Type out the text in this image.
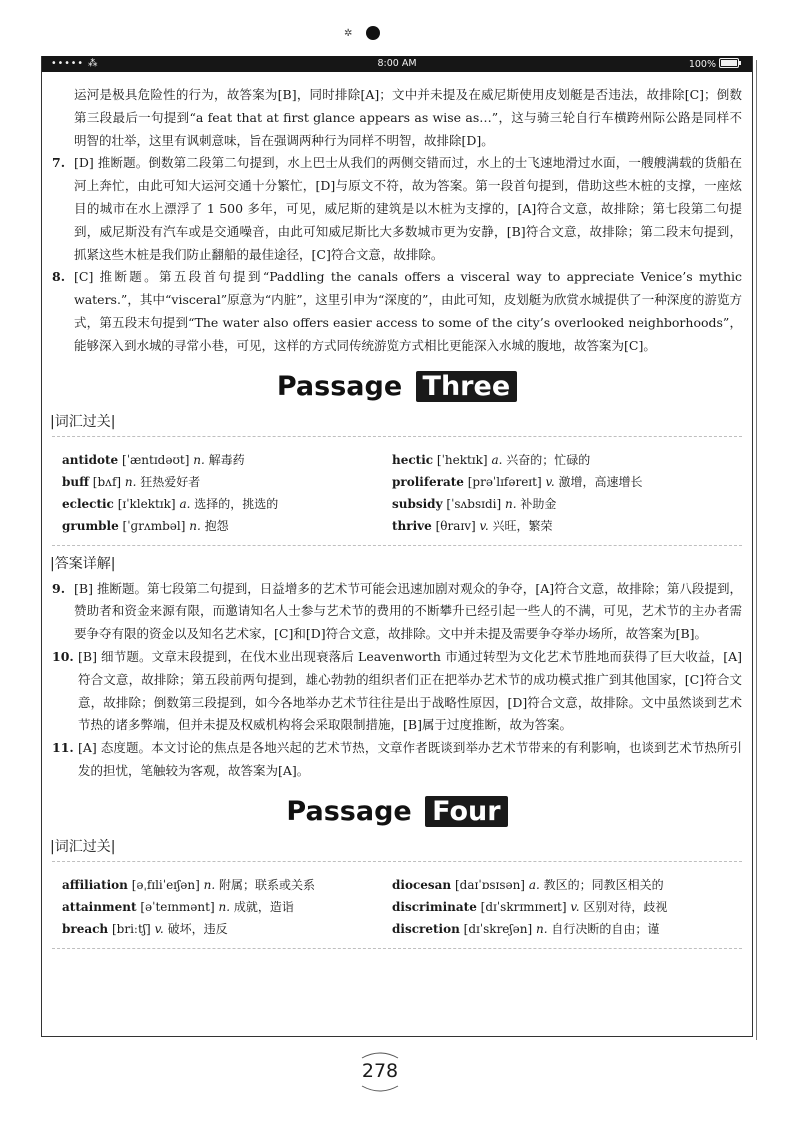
✲
••••• ⁂	8:00 AM	100%

运河是极具危险性的行为，故答案为[B]，同时排除[A]；文中并未提及在威尼斯使用皮划艇是否违法，故排除[C]；倒数第三段最后一句提到“a feat that at first glance appears as wise as…”，这与骑三轮自行车横跨州际公路是同样不明智的壮举，这里有讽刺意味，旨在强调两种行为同样不明智，故排除[D]。

7. [D] 推断题。倒数第二段第二句提到，水上巴士从我们的两侧交错而过，水上的士飞速地滑过水面，一艘艘满载的货船在河上奔忙，由此可知大运河交通十分繁忙，[D]与原文不符，故为答案。第一段首句提到，借助这些木桩的支撑，一座炫目的城市在水上漂浮了 1 500 多年，可见，威尼斯的建筑是以木桩为支撑的，[A]符合文意，故排除；第七段第二句提到，威尼斯没有汽车或是交通噪音，由此可知威尼斯比大多数城市更为安静，[B]符合文意，故排除；第二段末句提到，抓紧这些木桩是我们防止翻船的最佳途径，[C]符合文意，故排除。

8. [C] 推断题。第五段首句提到“Paddling the canals offers a visceral way to appreciate Venice’s mythic waters.”，其中“visceral”原意为“内脏”，这里引申为“深度的”，由此可知，皮划艇为欣赏水城提供了一种深度的游览方式，第五段末句提到“The water also offers easier access to some of the city’s overlooked neighborhoods”，能够深入到水城的寻常小巷，可见，这样的方式同传统游览方式相比更能深入水城的腹地，故答案为[C]。

Passage Three
|词汇过关|
antidote [ˈæntɪdəʊt] n. 解毒药	hectic [ˈhektɪk] a. 兴奋的；忙碌的
buff [bʌf] n. 狂热爱好者	proliferate [prəˈlɪfəreɪt] v. 激增，高速增长
eclectic [ɪˈklektɪk] a. 选择的，挑选的	subsidy [ˈsʌbsɪdi] n. 补助金
grumble [ˈɡrʌmbəl] n. 抱怨	thrive [θraɪv] v. 兴旺，繁荣
|答案详解|
9. [B] 推断题。第七段第二句提到，日益增多的艺术节可能会迅速加剧对观众的争夺，[A]符合文意，故排除；第八段提到，赞助者和资金来源有限，而邀请知名人士参与艺术节的费用的不断攀升已经引起一些人的不满，可见，艺术节的主办者需要争夺有限的资金以及知名艺术家，[C]和[D]符合文意，故排除。文中并未提及需要争夺举办场所，故答案为[B]。

10. [B] 细节题。文章末段提到，在伐木业出现衰落后 Leavenworth 市通过转型为文化艺术节胜地而获得了巨大收益，[A]符合文意，故排除；第五段前两句提到，雄心勃勃的组织者们正在把举办艺术节的成功模式推广到其他国家，[C]符合文意，故排除；倒数第三段提到，如今各地举办艺术节往往是出于战略性原因，[D]符合文意，故排除。文中虽然谈到艺术节热的诸多弊端，但并未提及权威机构将会采取限制措施，[B]属于过度推断，故为答案。

11. [A] 态度题。本文讨论的焦点是各地兴起的艺术节热，文章作者既谈到举办艺术节带来的有利影响，也谈到艺术节热所引发的担忧，笔触较为客观，故答案为[A]。

Passage Four
|词汇过关|
affiliation [əˌfɪliˈeɪʃən] n. 附属；联系或关系	diocesan [daɪˈɒsɪsən] a. 教区的；同教区相关的
attainment [əˈteɪnmənt] n. 成就，造诣	discriminate [dɪˈskrɪmɪneɪt] v. 区别对待，歧视
breach [briːtʃ] v. 破坏，违反	discretion [dɪˈskreʃən] n. 自行决断的自由；谨
278
